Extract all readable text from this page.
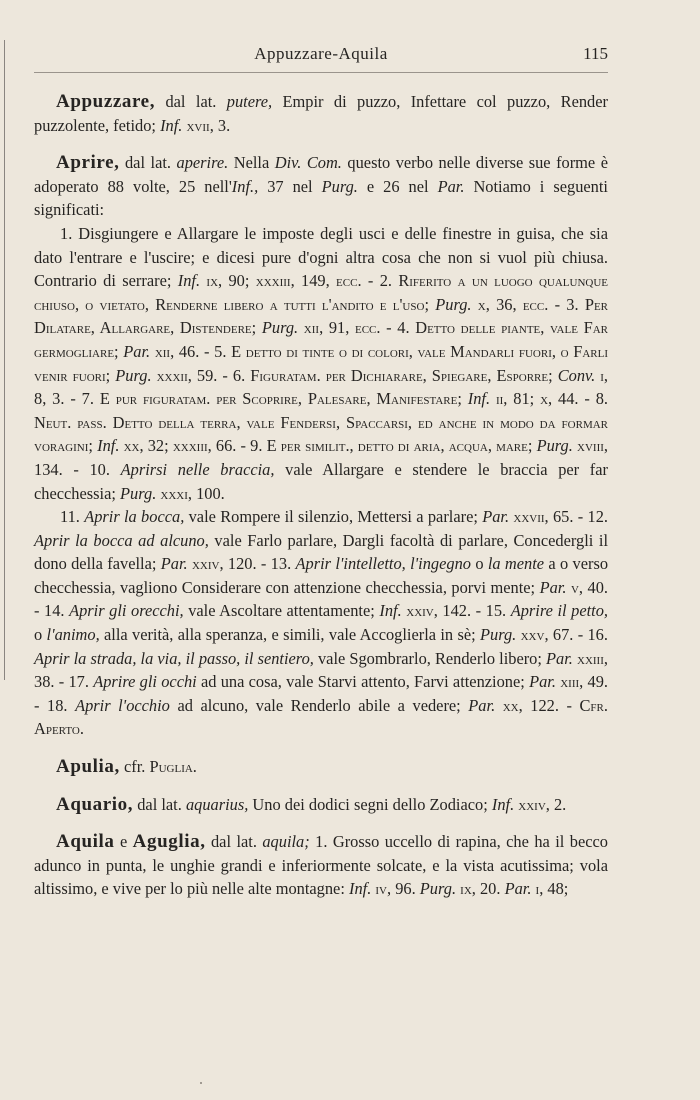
Appuzzare-Aquila	115

Appuzzare, dal lat. putere, Empir di puzzo, Infettare col puzzo, Render puzzolente, fetido; Inf. xvii, 3.

Aprire, dal lat. aperire. Nella Div. Com. questo verbo nelle diverse sue forme è adoperato 88 volte, 25 nell'Inf., 37 nel Purg. e 26 nel Par. Notiamo i seguenti significati:

1. Disgiungere e Allargare le imposte degli usci e delle finestre in guisa, che sia dato l'entrare e l'uscire; e dicesi pure d'ogni altra cosa che non si vuol più chiusa. Contrario di serrare; Inf. ix, 90; xxxiii, 149, ecc. - 2. Riferito a un luogo qualunque chiuso, o vietato, Renderne libero a tutti l'andito e l'uso; Purg. x, 36, ecc. - 3. Per Dilatare, Allargare, Distendere; Purg. xii, 91, ecc. - 4. Detto delle piante, vale Far germogliare; Par. xii, 46. - 5. E detto di tinte o di colori, vale Mandarli fuori, o Farli venir fuori; Purg. xxxii, 59. - 6. Figuratam. per Dichiarare, Spiegare, Esporre; Conv. i, 8, 3. - 7. E pur figuratam. per Scoprire, Palesare, Manifestare; Inf. ii, 81; x, 44. - 8. Neut. pass. Detto della terra, vale Fendersi, Spaccarsi, ed anche in modo da formar voragini; Inf. xx, 32; xxxiii, 66. - 9. E per similit., detto di aria, acqua, mare; Purg. xviii, 134. - 10. Aprirsi nelle braccia, vale Allargare e stendere le braccia per far checchessia; Purg. xxxi, 100.

11. Aprir la bocca, vale Rompere il silenzio, Mettersi a parlare; Par. xxvii, 65. - 12. Aprir la bocca ad alcuno, vale Farlo parlare, Dargli facoltà di parlare, Concedergli il dono della favella; Par. xxiv, 120. - 13. Aprir l'intelletto, l'ingegno o la mente a o verso checchessia, vagliono Considerare con attenzione checchessia, porvi mente; Par. v, 40. - 14. Aprir gli orecchi, vale Ascoltare attentamente; Inf. xxiv, 142. - 15. Aprire il petto, o l'animo, alla verità, alla speranza, e simili, vale Accoglierla in sè; Purg. xxv, 67. - 16. Aprir la strada, la via, il passo, il sentiero, vale Sgombrarlo, Renderlo libero; Par. xxiii, 38. - 17. Aprire gli occhi ad una cosa, vale Starvi attento, Farvi attenzione; Par. xiii, 49. - 18. Aprir l'occhio ad alcuno, vale Renderlo abile a vedere; Par. xx, 122. - Cfr. Aperto.

Apulia, cfr. Puglia.

Aquario, dal lat. aquarius, Uno dei dodici segni dello Zodiaco; Inf. xxiv, 2.

Aquila e Aguglia, dal lat. aquila; 1. Grosso uccello di rapina, che ha il becco adunco in punta, le unghie grandi e inferiormente solcate, e la vista acutissima; vola altissimo, e vive per lo più nelle alte montagne: Inf. iv, 96. Purg. ix, 20. Par. i, 48;
